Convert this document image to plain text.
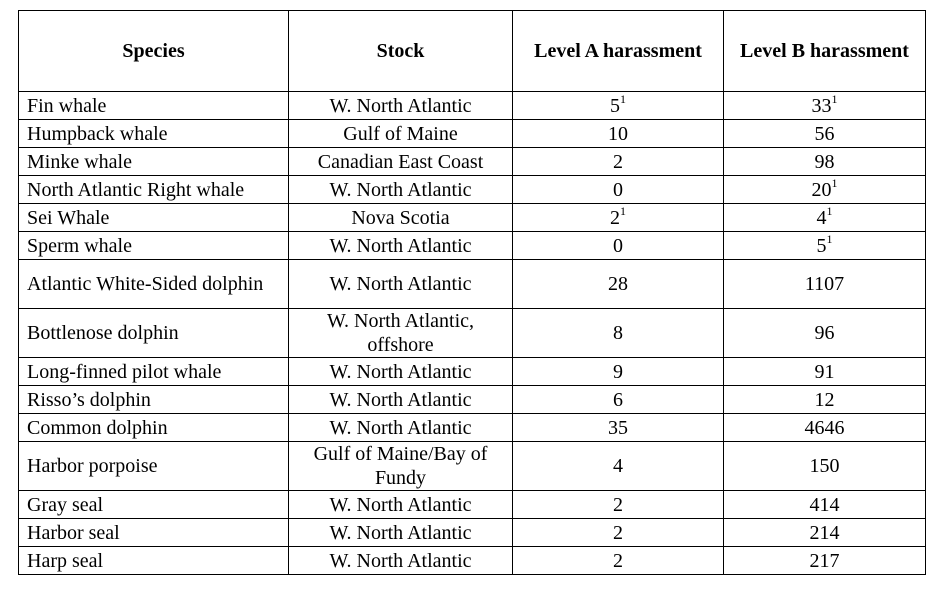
Species	Stock	Level A harassment	Level B harassment
Fin whale	W. North Atlantic	$5^1$	$33^1$
Humpback whale	Gulf of Maine	10	56
Minke whale	Canadian East Coast	2	98
North Atlantic Right whale	W. North Atlantic	0	$20^1$
Sei Whale	Nova Scotia	$2^1$	$4^1$
Sperm whale	W. North Atlantic	0	$5^1$
Atlantic White-Sided dolphin	W. North Atlantic	28	1107
Bottlenose dolphin	W. North Atlantic, offshore	8	96
Long-finned pilot whale	W. North Atlantic	9	91
Risso’s dolphin	W. North Atlantic	6	12
Common dolphin	W. North Atlantic	35	4646
Harbor porpoise	Gulf of Maine/Bay of Fundy	4	150
Gray seal	W. North Atlantic	2	414
Harbor seal	W. North Atlantic	2	214
Harp seal	W. North Atlantic	2	217
